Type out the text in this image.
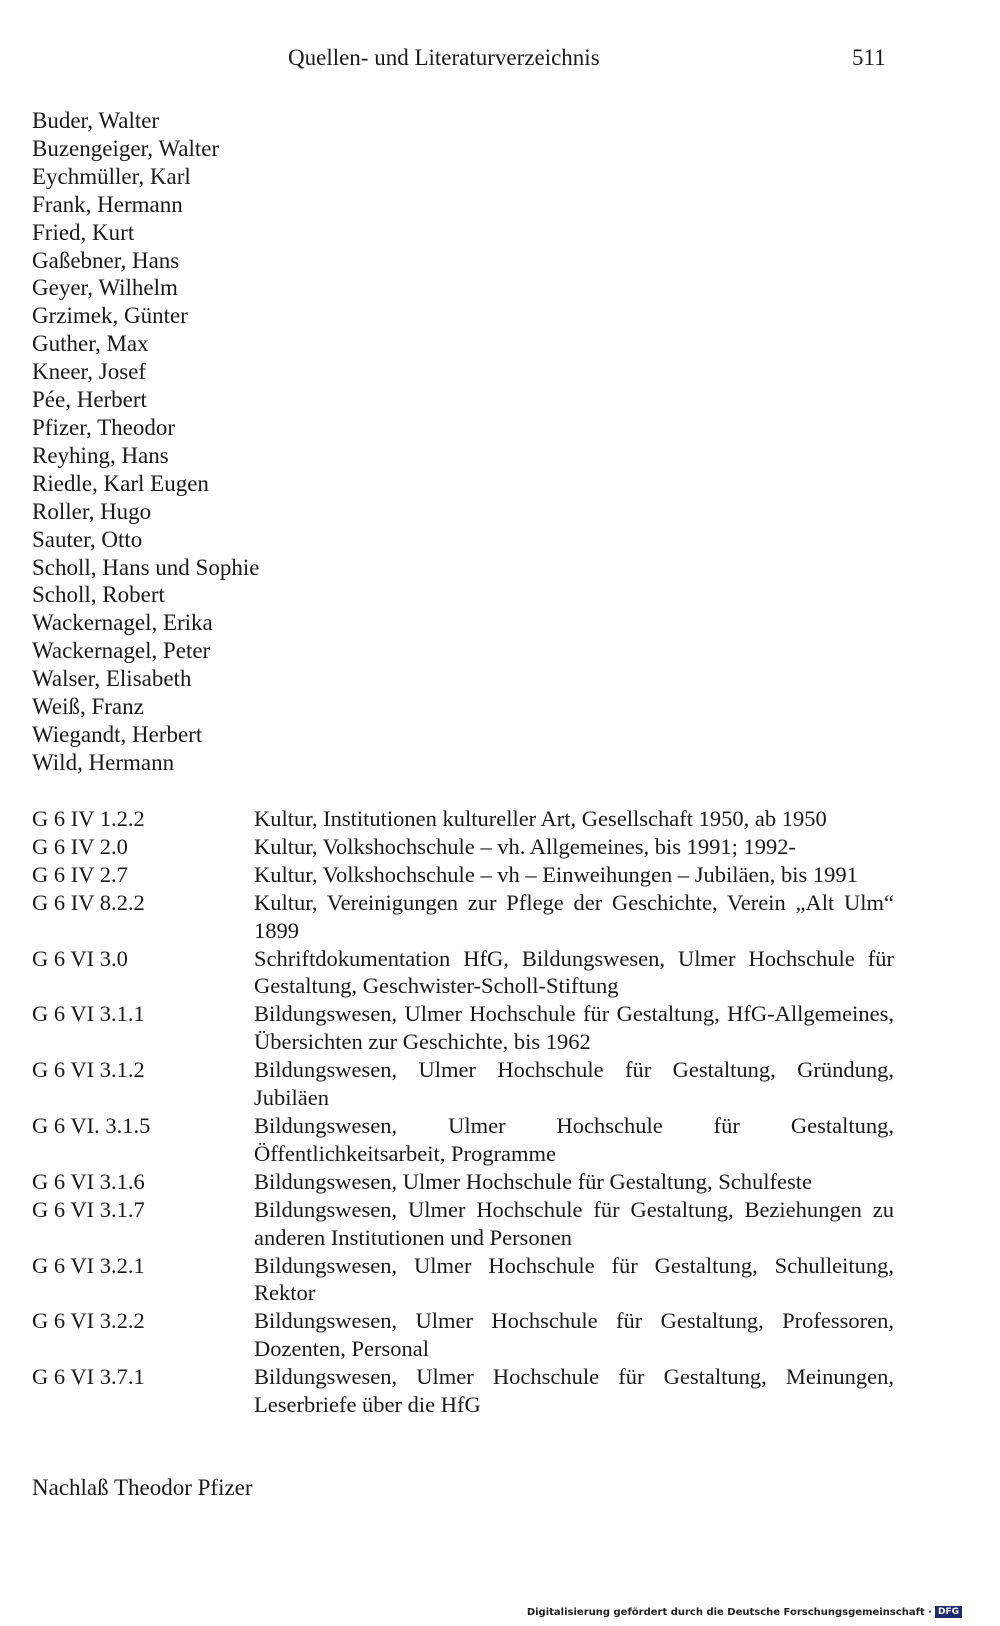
Quellen- und Literaturverzeichnis	511
Buder, Walter
Buzengeiger, Walter
Eychmüller, Karl
Frank, Hermann
Fried, Kurt
Gaßebner, Hans
Geyer, Wilhelm
Grzimek, Günter
Guther, Max
Kneer, Josef
Pée, Herbert
Pfizer, Theodor
Reyhing, Hans
Riedle, Karl Eugen
Roller, Hugo
Sauter, Otto
Scholl, Hans und Sophie
Scholl, Robert
Wackernagel, Erika
Wackernagel, Peter
Walser, Elisabeth
Weiß, Franz
Wiegandt, Herbert
Wild, Hermann
G 6 IV 1.2.2	Kultur, Institutionen kultureller Art, Gesellschaft 1950, ab 1950
G 6 IV 2.0	Kultur, Volkshochschule – vh. Allgemeines, bis 1991; 1992-
G 6 IV 2.7	Kultur, Volkshochschule – vh – Einweihungen – Jubiläen, bis 1991
G 6 IV 8.2.2	Kultur, Vereinigungen zur Pflege der Geschichte, Verein „Alt Ulm“ 1899
G 6 VI 3.0	Schriftdokumentation HfG, Bildungswesen, Ulmer Hochschule für Gestaltung, Geschwister-Scholl-Stiftung
G 6 VI 3.1.1	Bildungswesen, Ulmer Hochschule für Gestaltung, HfG-Allgemeines, Übersichten zur Geschichte, bis 1962
G 6 VI 3.1.2	Bildungswesen, Ulmer Hochschule für Gestaltung, Gründung, Jubiläen
G 6 VI. 3.1.5	Bildungswesen, Ulmer Hochschule für Gestaltung, Öffentlichkeitsarbeit, Programme
G 6 VI 3.1.6	Bildungswesen, Ulmer Hochschule für Gestaltung, Schulfeste
G 6 VI 3.1.7	Bildungswesen, Ulmer Hochschule für Gestaltung, Beziehungen zu anderen Institutionen und Personen
G 6 VI 3.2.1	Bildungswesen, Ulmer Hochschule für Gestaltung, Schulleitung, Rektor
G 6 VI 3.2.2	Bildungswesen, Ulmer Hochschule für Gestaltung, Professoren, Dozenten, Personal
G 6 VI 3.7.1	Bildungswesen, Ulmer Hochschule für Gestaltung, Meinungen, Leserbriefe über die HfG
Nachlaß Theodor Pfizer
Digitalisierung gefördert durch die Deutsche Forschungsgemeinschaft · DFG
